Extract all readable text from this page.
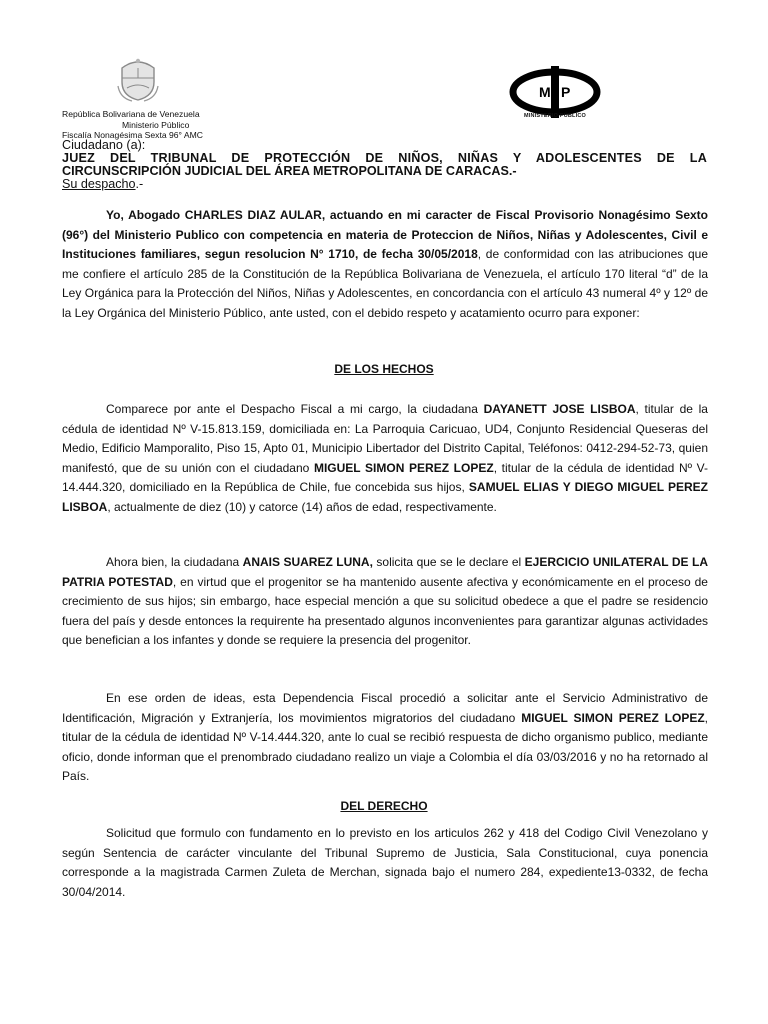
República Bolivariana de Venezuela
Ministerio Público
Fiscalía Nonagésima Sexta 96° AMC
M P
MINISTERIO PÚBLICO
Ciudadano (a):
JUEZ DEL TRIBUNAL DE PROTECCIÓN DE NIÑOS, NIÑAS Y ADOLESCENTES DE LA
CIRCUNSCRIPCIÓN JUDICIAL DEL ÁREA METROPOLITANA DE CARACAS.-
Su despacho.-

Yo, Abogado CHARLES DIAZ AULAR, actuando en mi caracter de Fiscal Provisorio Nonagésimo Sexto (96°) del Ministerio Publico con competencia en materia de Proteccion de Niños, Niñas y Adolescentes, Civil e Instituciones familiares, segun resolucion N° 1710, de fecha 30/05/2018, de conformidad con las atribuciones que me confiere el artículo 285 de la Constitución de la República Bolivariana de Venezuela, el artículo 170 literal “d” de la Ley Orgánica para la Protección del Niños, Niñas y Adolescentes, en concordancia con el artículo 43 numeral 4º y 12º de la Ley Orgánica del Ministerio Público, ante usted, con el debido respeto y acatamiento ocurro para exponer:

DE LOS HECHOS

Comparece por ante el Despacho Fiscal a mi cargo, la ciudadana DAYANETT JOSE LISBOA, titular de la cédula de identidad Nº V-15.813.159, domiciliada en: La Parroquia Caricuao, UD4, Conjunto Residencial Queseras del Medio, Edificio Mamporalito, Piso 15, Apto 01, Municipio Libertador del Distrito Capital, Teléfonos: 0412-294-52-73, quien manifestó, que de su unión con el ciudadano MIGUEL SIMON PEREZ LOPEZ, titular de la cédula de identidad Nº V-14.444.320, domiciliado en la República de Chile, fue concebida sus hijos, SAMUEL ELIAS Y DIEGO MIGUEL PEREZ LISBOA, actualmente de diez (10) y catorce (14) años de edad, respectivamente.

Ahora bien, la ciudadana ANAIS SUAREZ LUNA, solicita que se le declare el EJERCICIO UNILATERAL DE LA PATRIA POTESTAD, en virtud que el progenitor se ha mantenido ausente afectiva y económicamente en el proceso de crecimiento de sus hijos; sin embargo, hace especial mención a que su solicitud obedece a que el padre se residencio fuera del país y desde entonces la requirente ha presentado algunos inconvenientes para garantizar algunas actividades que benefician a los infantes y donde se requiere la presencia del progenitor.

En ese orden de ideas, esta Dependencia Fiscal procedió a solicitar ante el Servicio Administrativo de Identificación, Migración y Extranjería, los movimientos migratorios del ciudadano MIGUEL SIMON PEREZ LOPEZ, titular de la cédula de identidad Nº V-14.444.320, ante lo cual se recibió respuesta de dicho organismo publico, mediante oficio, donde informan que el prenombrado ciudadano realizo un viaje a Colombia el día 03/03/2016 y no ha retornado al País.

DEL DERECHO

Solicitud que formulo con fundamento en lo previsto en los articulos 262 y 418 del Codigo Civil Venezolano y según Sentencia de carácter vinculante del Tribunal Supremo de Justicia, Sala Constitucional, cuya ponencia corresponde a la magistrada Carmen Zuleta de Merchan, signada bajo el numero 284, expediente13-0332, de fecha 30/04/2014.
